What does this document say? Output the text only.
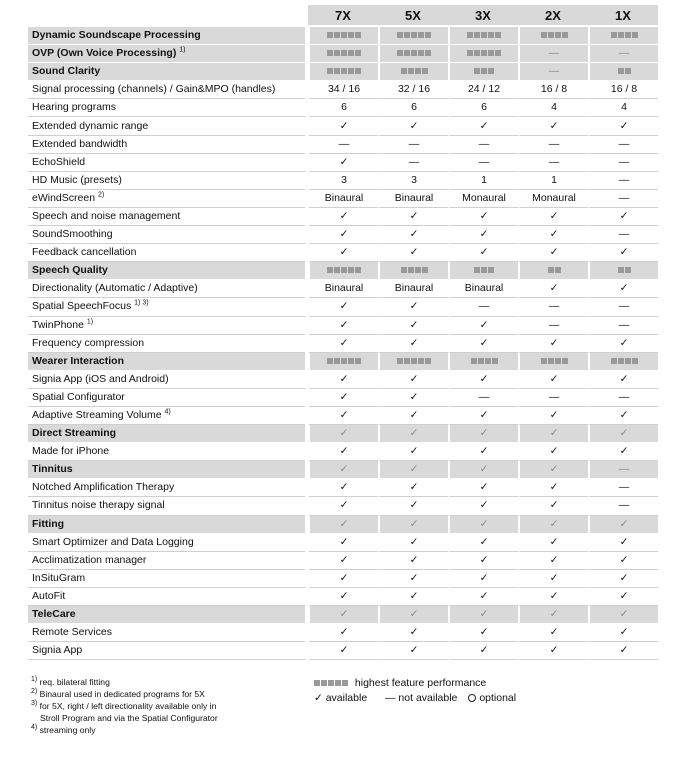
		7X	5X	3X	2X	1X
Dynamic Soundscape Processing		

OVP (Own Voice Processing) $^{1)}$					—	—
Sound Clarity					—	

Signal processing (channels) / Gain&MPO (handles)		34 / 16	32 / 16	24 / 12	16 / 8	16 / 8
Hearing programs		6	6	6	4	4
Extended dynamic range		✓	✓	✓	✓	✓
Extended bandwidth		—	—	—	—	—
EchoShield		✓	—	—	—	—
HD Music (presets)		3	3	1	1	—
eWindScreen $^{2)}$		Binaural	Binaural	Monaural	Monaural	—
Speech and noise management		✓	✓	✓	✓	✓
SoundSmoothing		✓	✓	✓	✓	—
Feedback cancellation		✓	✓	✓	✓	✓
Speech Quality		

Directionality (Automatic / Adaptive)		Binaural	Binaural	Binaural	✓	✓
Spatial SpeechFocus $^{1) 3)}$		✓	✓	—	—	—
TwinPhone $^{1)}$		✓	✓	✓	—	—
Frequency compression		✓	✓	✓	✓	✓
Wearer Interaction		

Signia App (iOS and Android)		✓	✓	✓	✓	✓
Spatial Configurator		✓	✓	—	—	—
Adaptive Streaming Volume $^{4)}$		✓	✓	✓	✓	✓
Direct Streaming		✓	✓	✓	✓	✓
Made for iPhone		✓	✓	✓	✓	✓
Tinnitus		✓	✓	✓	✓	—
Notched Amplification Therapy		✓	✓	✓	✓	—
Tinnitus noise therapy signal		✓	✓	✓	✓	—
Fitting		✓	✓	✓	✓	✓
Smart Optimizer and Data Logging		✓	✓	✓	✓	✓
Acclimatization manager		✓	✓	✓	✓	✓
InSituGram		✓	✓	✓	✓	✓
AutoFit		✓	✓	✓	✓	✓
TeleCare		✓	✓	✓	✓	✓
Remote Services		✓	✓	✓	✓	✓
Signia App		✓	✓	✓	✓	✓
$^{1)}$ req. bilateral fitting
$^{2)}$ Binaural used in dedicated programs for 5X
$^{3)}$ for 5X, right / left directionality available only in
Stroll Program and via the Spatial Configurator
$^{4)}$ streaming only
highest feature performance
✓ available — not available optional
